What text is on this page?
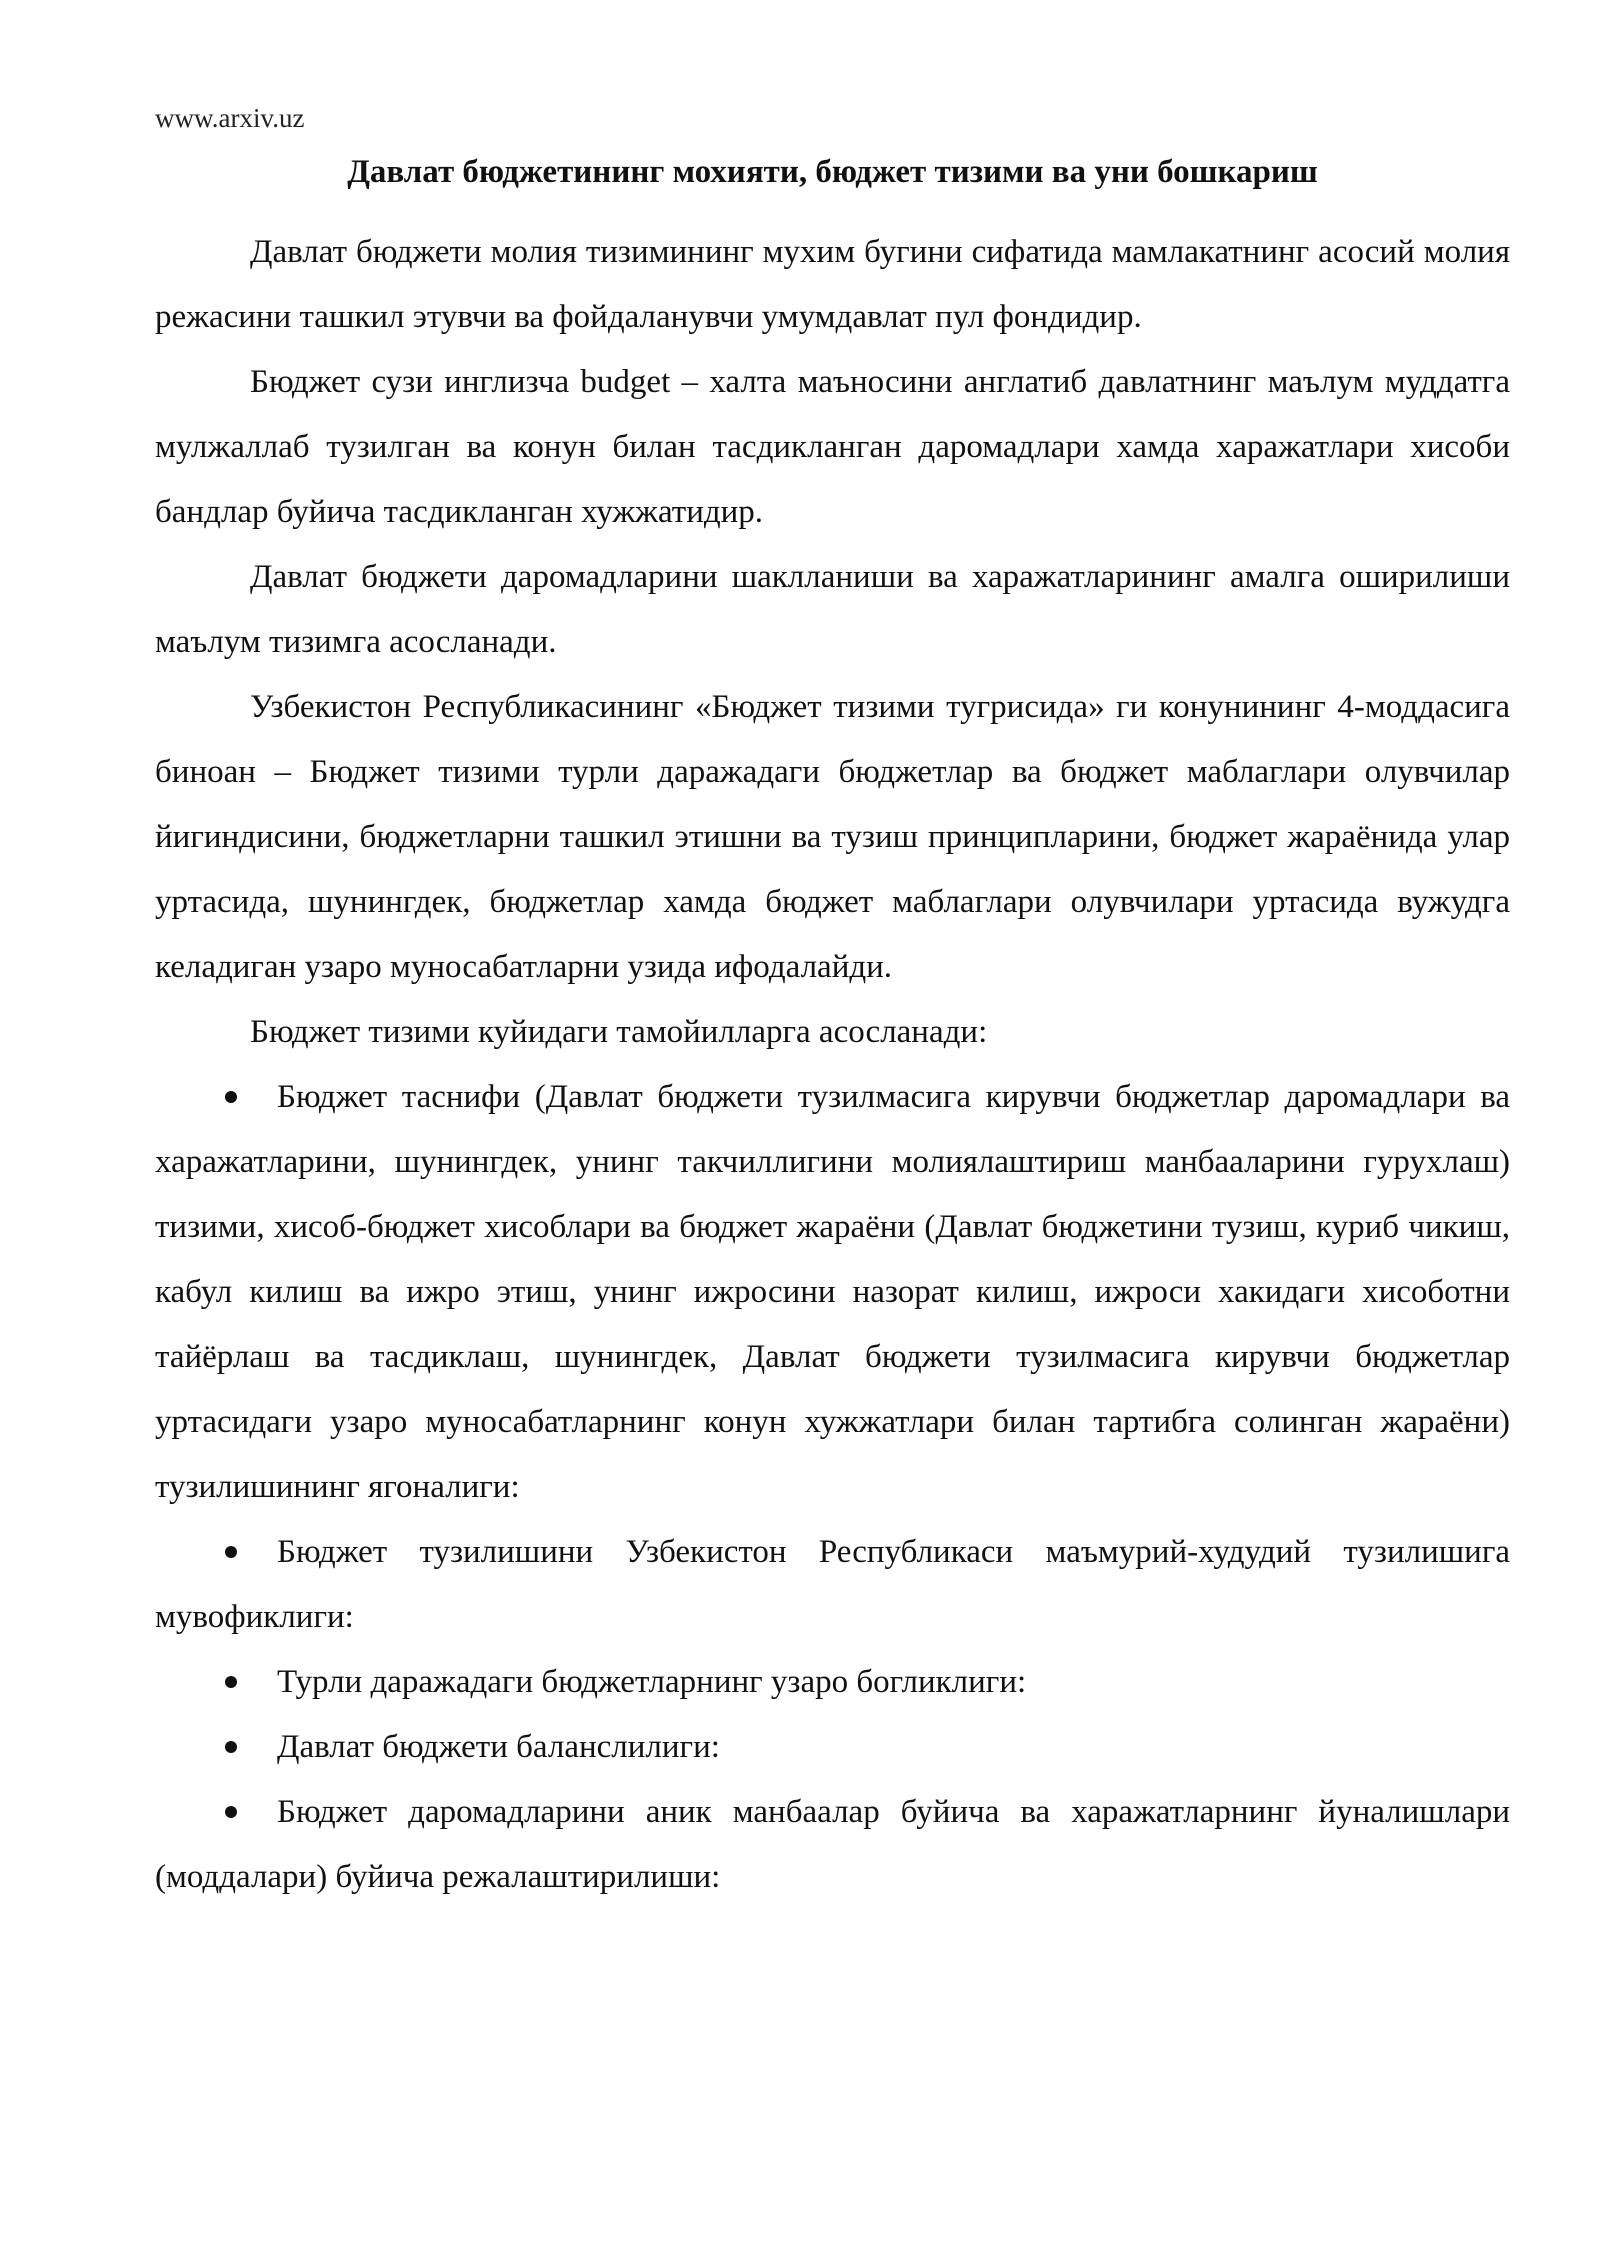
www.arxiv.uz

Давлат бюджетининг мохияти, бюджет тизими ва уни бошкариш

Давлат бюджети молия тизимининг мухим бугини сифатида мамлакатнинг асосий молия режасини ташкил этувчи ва фойдаланувчи умумдавлат пул фондидир.

Бюджет сузи инглизча budget – халта маъносини англатиб давлатнинг маълум муддатга мулжаллаб тузилган ва конун билан тасдикланган даромадлари хамда харажатлари хисоби бандлар буйича тасдикланган хужжатидир.

Давлат бюджети даромадларини шаклланиши ва харажатларининг амалга оширилиши маълум тизимга асосланади.

Узбекистон Республикасининг «Бюджет тизими тугрисида» ги конунининг 4-моддасига биноан – Бюджет тизими турли даражадаги бюджетлар ва бюджет маблаглари олувчилар йигиндисини, бюджетларни ташкил этишни ва тузиш принципларини, бюджет жараёнида улар уртасида, шунингдек, бюджетлар хамда бюджет маблаглари олувчилари уртасида вужудга келадиган узаро муносабатларни узида ифодалайди.

Бюджет тизими куйидаги тамойилларга асосланади:

Бюджет таснифи (Давлат бюджети тузилмасига кирувчи бюджетлар даромадлари ва харажатларини, шунингдек, унинг такчиллигини молиялаштириш манбааларини гурухлаш) тизими, хисоб-бюджет хисоблари ва бюджет жараёни (Давлат бюджетини тузиш, куриб чикиш, кабул килиш ва ижро этиш, унинг ижросини назорат килиш, ижроси хакидаги хисоботни тайёрлаш ва тасдиклаш, шунингдек, Давлат бюджети тузилмасига кирувчи бюджетлар уртасидаги узаро муносабатларнинг конун хужжатлари билан тартибга солинган жараёни) тузилишининг ягоналиги:
Бюджет тузилишини Узбекистон Республикаси маъмурий-худудий тузилишига мувофиклиги:
Турли даражадаги бюджетларнинг узаро богликлиги:
Давлат бюджети баланслилиги:
Бюджет даромадларини аник манбаалар буйича ва харажатларнинг йуналишлари (моддалари) буйича режалаштирилиши:
